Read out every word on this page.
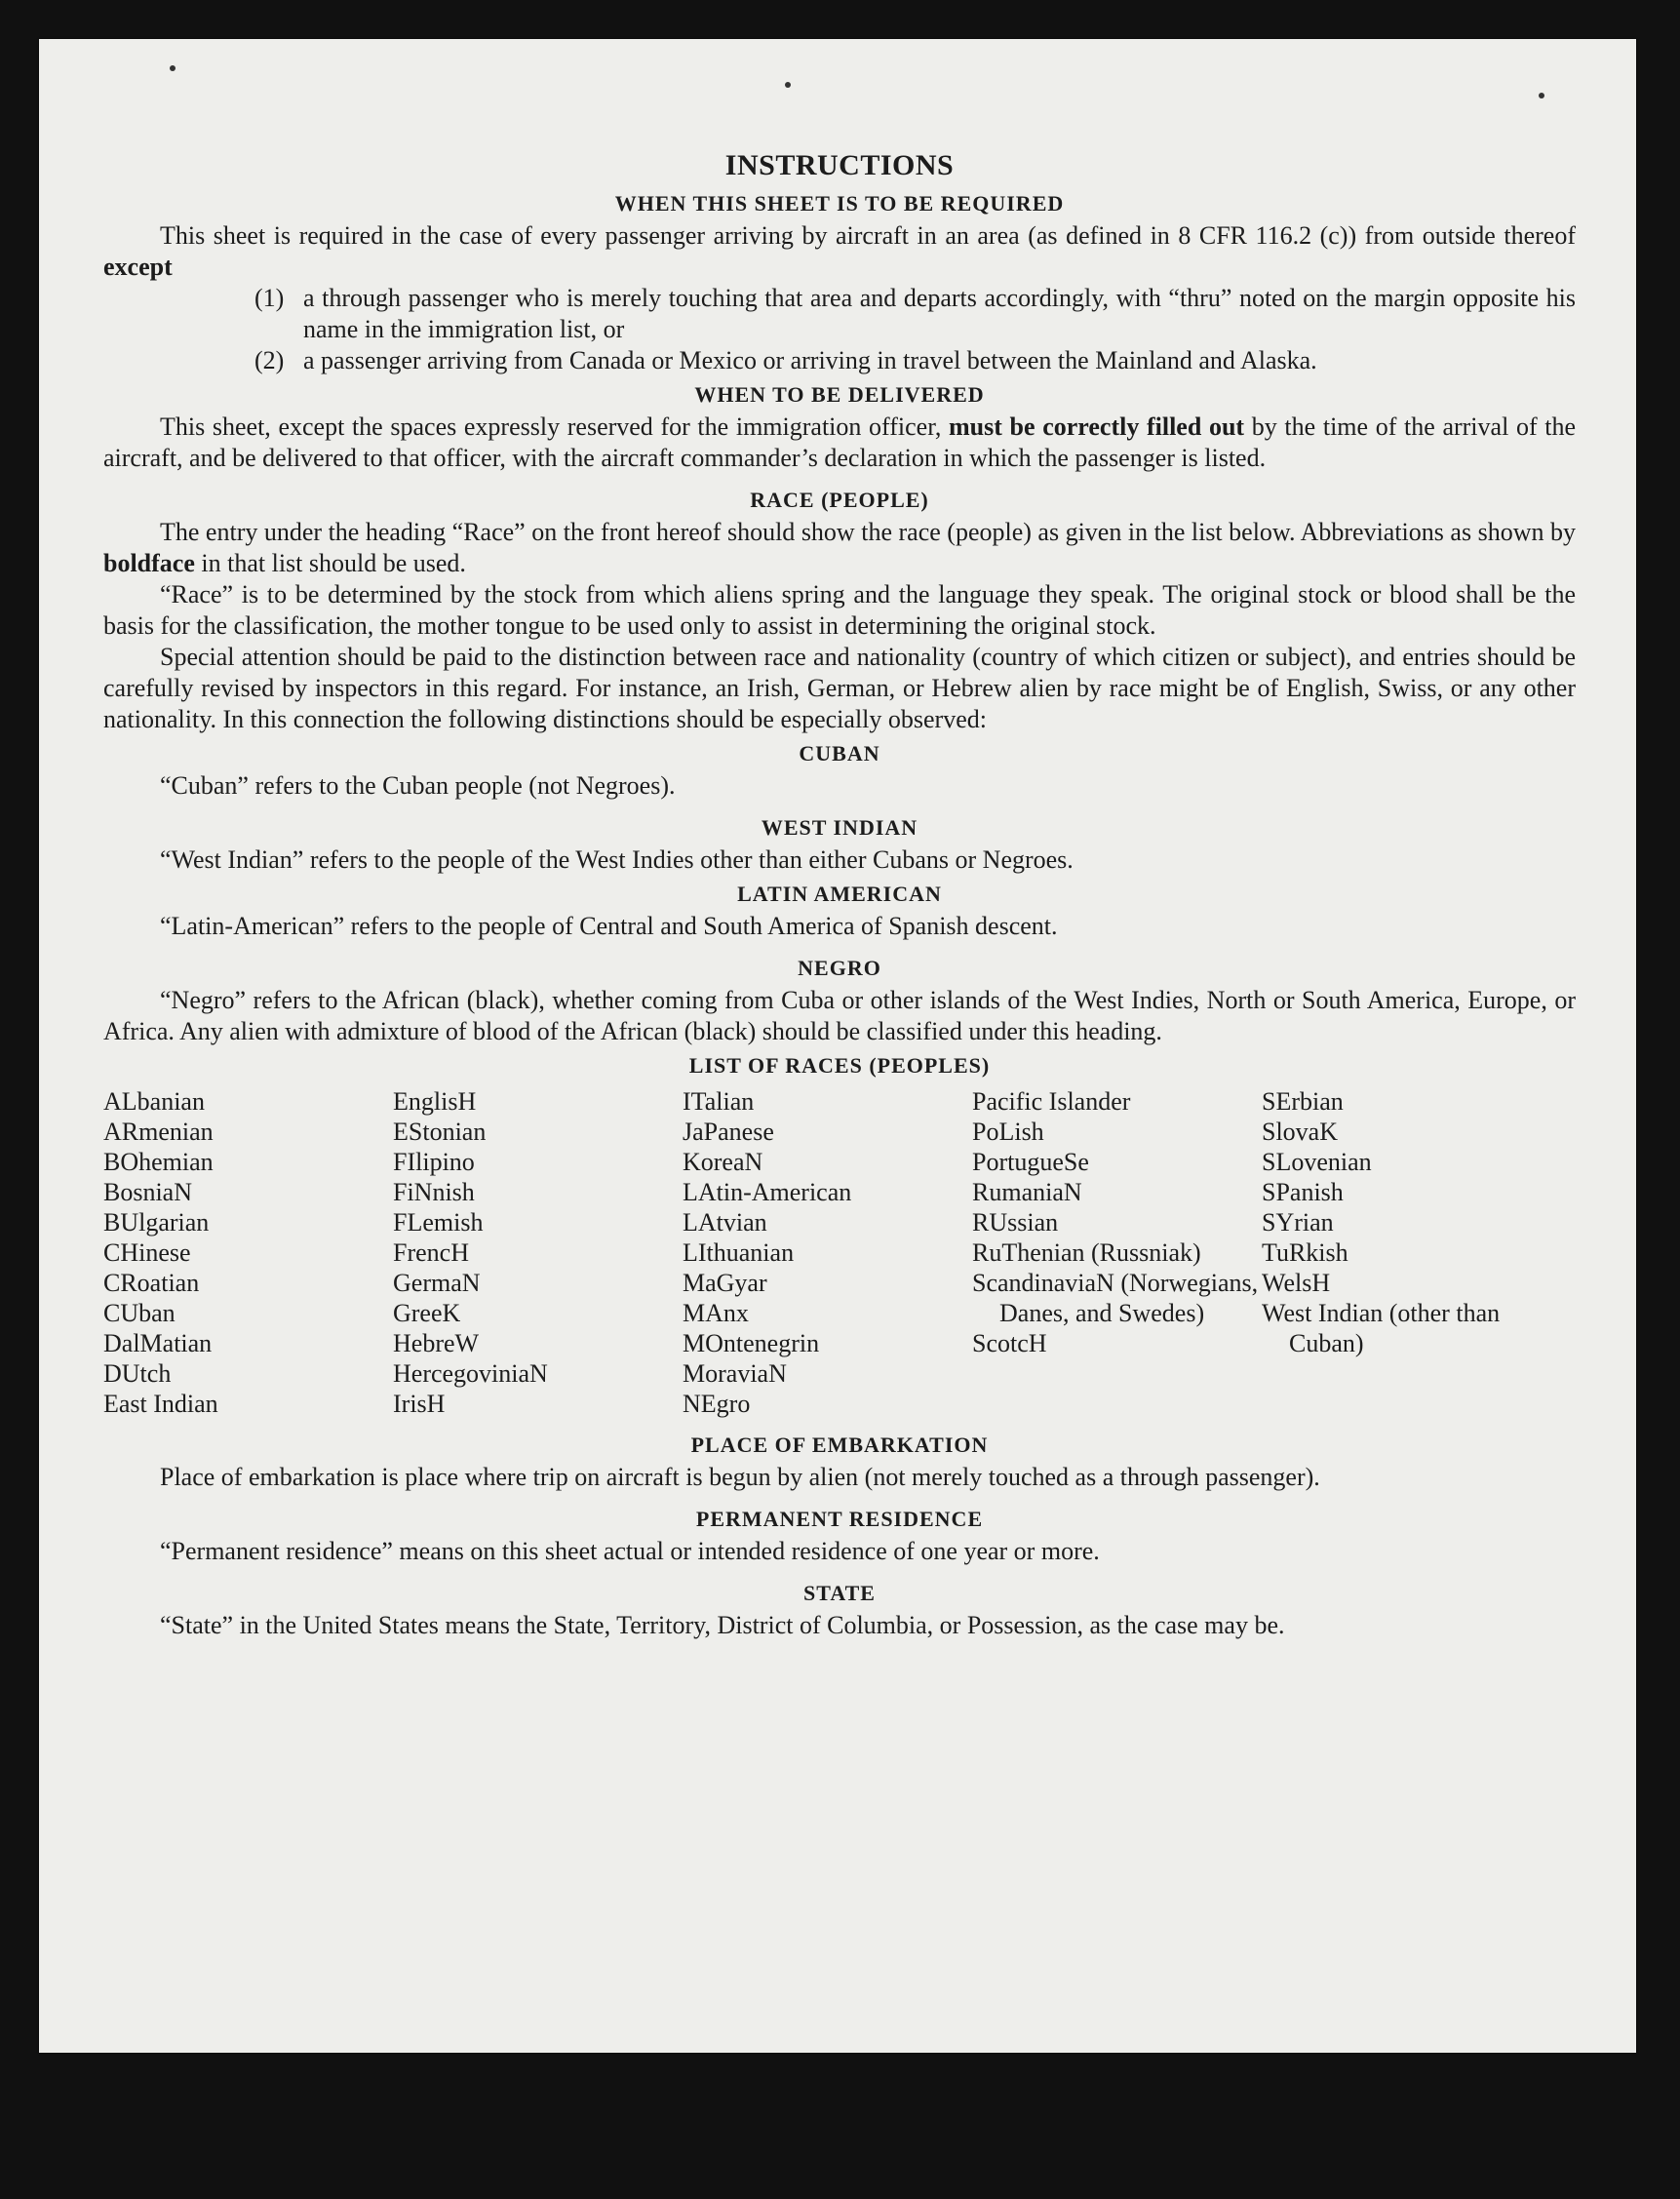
INSTRUCTIONS
WHEN THIS SHEET IS TO BE REQUIRED

This sheet is required in the case of every passenger arriving by aircraft in an area (as defined in 8 CFR 116.2 (c)) from outside thereof except

(1) a through passenger who is merely touching that area and departs accordingly, with “thru” noted on the margin opposite his name in the immigration list, or

(2) a passenger arriving from Canada or Mexico or arriving in travel between the Mainland and Alaska.

WHEN TO BE DELIVERED

This sheet, except the spaces expressly reserved for the immigration officer, must be correctly filled out by the time of the arrival of the aircraft, and be delivered to that officer, with the aircraft commander’s declaration in which the passenger is listed.

RACE (PEOPLE)

The entry under the heading “Race” on the front hereof should show the race (people) as given in the list below. Abbreviations as shown by boldface in that list should be used.

“Race” is to be determined by the stock from which aliens spring and the language they speak. The original stock or blood shall be the basis for the classification, the mother tongue to be used only to assist in determining the original stock.

Special attention should be paid to the distinction between race and nationality (country of which citizen or subject), and entries should be carefully revised by inspectors in this regard. For instance, an Irish, German, or Hebrew alien by race might be of English, Swiss, or any other nationality. In this connection the following distinctions should be especially observed:

CUBAN

“Cuban” refers to the Cuban people (not Negroes).

WEST INDIAN

“West Indian” refers to the people of the West Indies other than either Cubans or Negroes.

LATIN AMERICAN

“Latin-American” refers to the people of Central and South America of Spanish descent.

NEGRO

“Negro” refers to the African (black), whether coming from Cuba or other islands of the West Indies, North or South America, Europe, or Africa. Any alien with admixture of blood of the African (black) should be classified under this heading.

LIST OF RACES (PEOPLES)
ALbanian
ARmenian
BOhemian
BosniaN
BUlgarian
CHinese
CRoatian
CUban
DalMatian
DUtch
East Indian
EnglisH
EStonian
FIlipino
FiNnish
FLemish
FrencH
GermaN
GreeK
HebreW
HercegovinіaN
IrisH
ITalian
JaPanese
KoreaN
LAtin-American
LAtvian
LIthuanian
MaGyar
MAnx
MOntenegrin
MoraviaN
NEgro
Pacific Islander
PoLish
PortugueSe
RumaniaN
RUssian
RuThenian (Russniak)
ScandinaviaN (Norwegians, Danes, and Swedes)
ScotcH
SErbian
SlovaK
SLovenian
SPanish
SYrian
TuRkish
WelsH
West Indian (other than Cuban)
PLACE OF EMBARKATION

Place of embarkation is place where trip on aircraft is begun by alien (not merely touched as a through passenger).

PERMANENT RESIDENCE

“Permanent residence” means on this sheet actual or intended residence of one year or more.

STATE

“State” in the United States means the State, Territory, District of Columbia, or Possession, as the case may be.
